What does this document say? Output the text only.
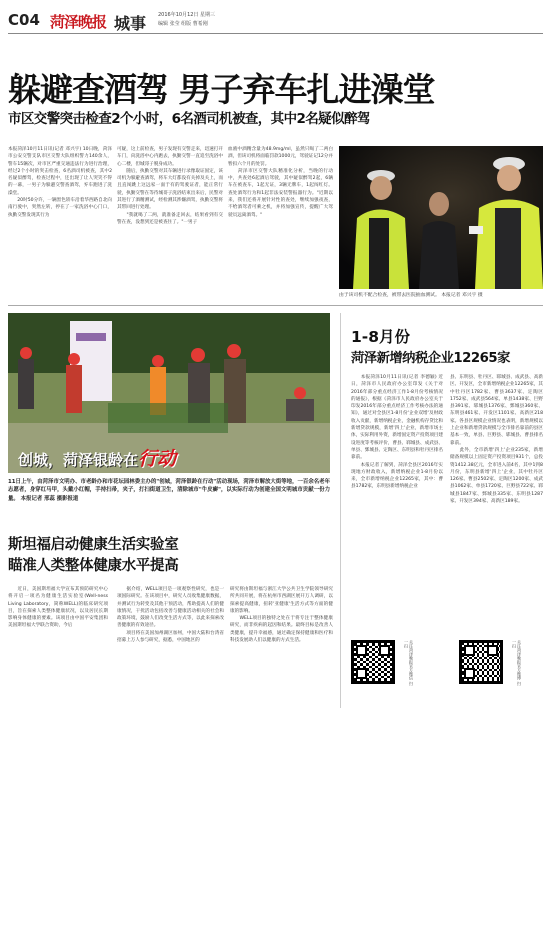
C04 菏泽晚报 城事 2016年10月12日 星期三
编辑 张莹 组版 曹希刚
躲避查酒驾 男子弃车扎进澡堂
市区交警突击检查2个小时，6名酒司机被查，其中2名疑似醉驾
本报菏泽10月11日讯(记者 邓兴宇) 10日晚，菏泽市公安交警支队市区交警大队组织警力140余人，警车15辆次，对市区严重交通违法行为进行治理，经过2个小时的突击检查，6名酒司机被查，其中2名疑似醉驾，检查过程中，还出现了让人哭笑不得的一幕，一男子为躲避交警查酒驾，弃车跑进了洗澡堂。
　　20时50分许，一辆黑色轿车沿着华西路自北向南行驶中，突然左转，停在了一家洗浴中心门口，执勤交警发现其行为
可疑，这上前检查，男子发现有交警走来，迅速打开车门，向洗浴中心内跑去，执勤交警一直追至洗浴中心二楼，但城哥子脱身成功。
　　随后，执勤交警对其车辆进行录像取证固定，该司机为躲避查酒驾，将车大灯都没有关掉及关上，而且直闯跳上这远家一面于有的驾驶证者，能正常行驶，执勤交警在等待城哥子洗浴结束出来后，民警对其进行了酒精测试，经检测其涉嫌酒驾，执勤交警将其带回进行处理。
　　"我就喝了二两，就准备走回去，结果看到有交警在查，没想到还是被查住了。"一男子
血液中酒精含量为48.9mg/ml，虽然只喝了二两白酒，但该司机将面临罚款1000元，驾驶证记12分并暂扣六个月的处罚。
　　菏泽市区交警大队精准化分析，当晚的行动中，共查处6起酒后驾驶，其中疑似醉驾2起，6辆车在被查车，1起无证，3辆无牌车，1起闯红灯。查处酒驾行为和1起非法安装警报器行为。"近期以来，我们还将开展针对性的查处，继续加强夜查，不给酒驾者可乘之机，并将加强宣传，提醒广大驾驶员远离酒驾。"
由于该司机不配合检查，被带去医院抽血测试。 本报记者 邓兴宇 摄
创城，菏泽银龄在行动
11日上午，由菏泽市文明办、市老龄办和市花坛园林委主办的"创城，菏泽银龄在行动"活动现场，菏泽市解放大街等地，一百余名老年志愿者，身穿红马甲，头戴小红帽，手持扫帚，夹子，打扫街道卫生，清除城市"牛皮癣"，以实际行动为创建全国文明城市贡献一份力量。 本报记者 邢蕊 摄影报道
1-8月份
菏泽新增纳税企业12265家
　　本报菏泽10月11日讯(记者 李德颖) 近日，菏泽市人民政府办公室印发《关于对2016年部分重点经济工作1-8月份考核情况的通报》，根据《菏泽市人民政府办公室关于印发2016年部分重点经济工作考核办法的通知》，通过对全县区1-8月份'企业双增'及财政收入贡献，新增纳税企业，金融机构存贷比和新增贷款规模，新增'四上'企业，新增市场主体，实际利用外资，新增固定资产投资项目建设进度等考核评价，曹县、郓城县、成武县、单县、鄄城县、定陶区、东明县和牡丹区排名靠前。
　　本报记者了解到，菏泽全县区2016年实现地方财政收入，新增纳税企业1-8月份以来，全市新增纳税企业12265家，其中：曹县1782家，东明县新增纳税企业
县、东明县、牡丹区、郓城县、成武县、高新区、开发区，全市新增纳税企业12265家，其中牡丹区1782家、曹县3637家、定陶区1752家、成武县564家、单县1438家、巨野县391家、郓城县1376家、鄄城县360家、东明县461家、开发区1101家、高新区218家。各县区规模企业情况也表明，新增规模以上企业和新增贷款规模与全市排名靠前的县区基本一致，单县、巨野县、郓城县、曹县排名靠前。
　　此外，全市新增'四上'企业235家，新增储备规模以上固定资产投资项目931个，总投资1412.38亿元，全市进入前4名，其中1到8月份，东明县新增'四上'企业，其中牡丹区126家、曹县2502家、定陶区1200家、成武县1062家、单县1720家、巨野县722家、郓城县1847家、鄄城县335家、东明县1287家、开发区394家、高新区189家。
关注菏泽晚报官方微信 扫一扫	关注菏泽晚报官方微博 扫一扫
斯坦福启动健康生活实验室
瞄准人类整体健康水平提高
　　近日，美国斯坦福大学宣布其预防研究中心将开启一项名为健康生活实验室(Well-ness Living Laboratory，简称WELL)的临床研究项目，旨在探索人类整体健康状况，以及居民长期影响身体健康的要素。该项目由中国平安集团和美国斯坦福大学联合资助，今后
　　据介绍，WELL项目是一项观察性研究，也是一项国际研究。在该项目中，研究人员收集健康数据，并测试行为转变及其他干预活动，帮助提高人们的健康情况，干扰活动包括改善与健康活动相关的社会和政策环境，鼓励人们改变生活方式等，以此来探索改善健康的有效途径。
　　项目将在美国加州湖区加州，中国大陆和台湾省招募上万人参与研究，据悉，中国地区的
研究将由斯坦福与浙江大学公共卫生学院领导研究所共同开展，将在杭州市西湖区展开万人调研，以探索提高健康，扭转'亚健康'生活方式等方面的健康的影响。
　　WELL项目的独特之处在于将专注于整体健康研究，而非疾病的起因和结果。最终目标是改善人类健康，提升幸福感，通过确定保持健康和医疗和科技发展助人们以健康的方式生活。
